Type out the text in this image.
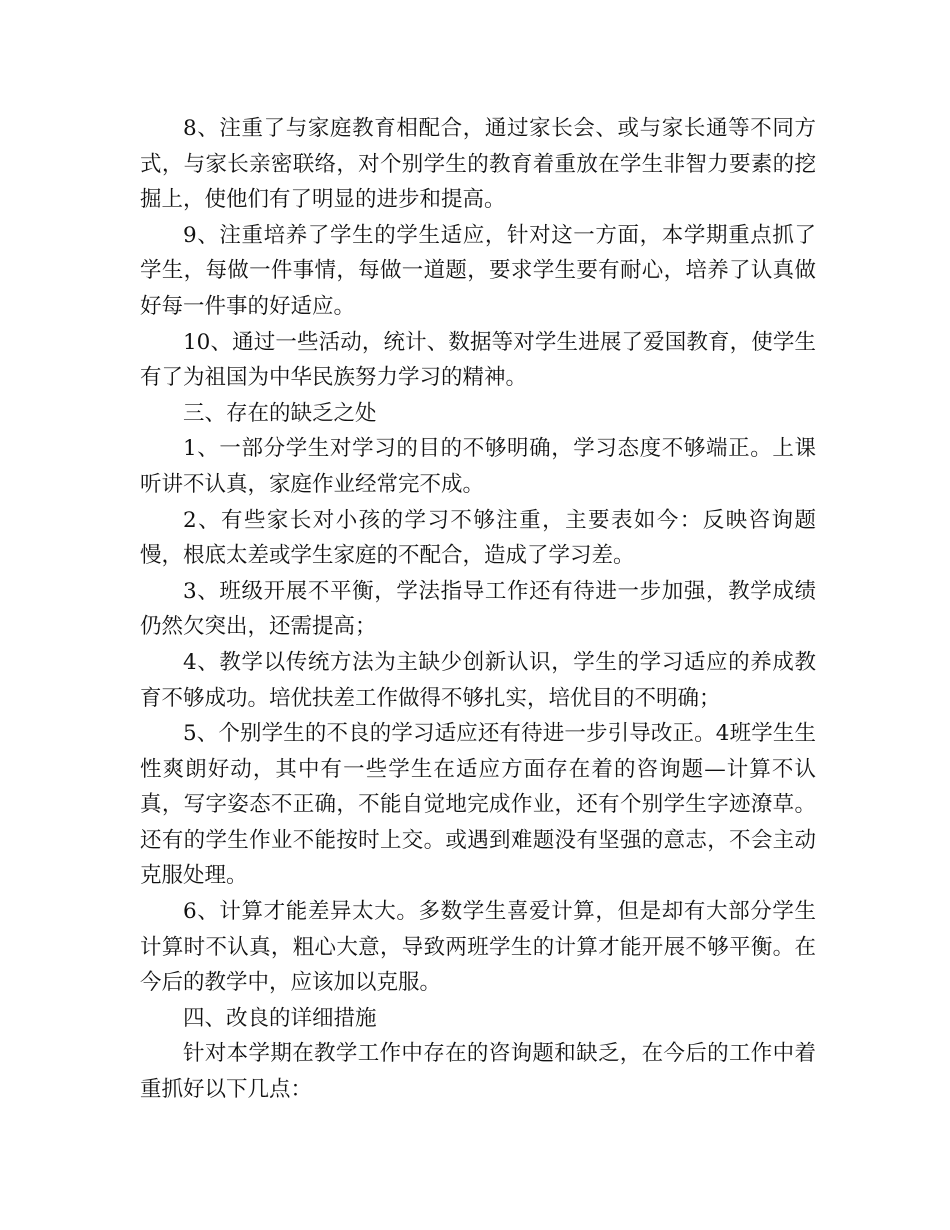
8、注重了与家庭教育相配合，通过家长会、或与家长通等不同方式，与家长亲密联络，对个别学生的教育着重放在学生非智力要素的挖掘上，使他们有了明显的进步和提高。

9、注重培养了学生的学生适应，针对这一方面，本学期重点抓了学生，每做一件事情，每做一道题，要求学生要有耐心，培养了认真做好每一件事的好适应。

10、通过一些活动，统计、数据等对学生进展了爱国教育，使学生有了为祖国为中华民族努力学习的精神。

三、存在的缺乏之处

1、一部分学生对学习的目的不够明确，学习态度不够端正。上课听讲不认真，家庭作业经常完不成。

2、有些家长对小孩的学习不够注重，主要表如今：反映咨询题慢，根底太差或学生家庭的不配合，造成了学习差。

3、班级开展不平衡，学法指导工作还有待进一步加强，教学成绩仍然欠突出，还需提高；

4、教学以传统方法为主缺少创新认识，学生的学习适应的养成教育不够成功。培优扶差工作做得不够扎实，培优目的不明确；

5、个别学生的不良的学习适应还有待进一步引导改正。4班学生生性爽朗好动，其中有一些学生在适应方面存在着的咨询题—计算不认真，写字姿态不正确，不能自觉地完成作业，还有个别学生字迹潦草。还有的学生作业不能按时上交。或遇到难题没有坚强的意志，不会主动克服处理。

6、计算才能差异太大。多数学生喜爱计算，但是却有大部分学生计算时不认真，粗心大意，导致两班学生的计算才能开展不够平衡。在今后的教学中，应该加以克服。

四、改良的详细措施

针对本学期在教学工作中存在的咨询题和缺乏，在今后的工作中着重抓好以下几点：
